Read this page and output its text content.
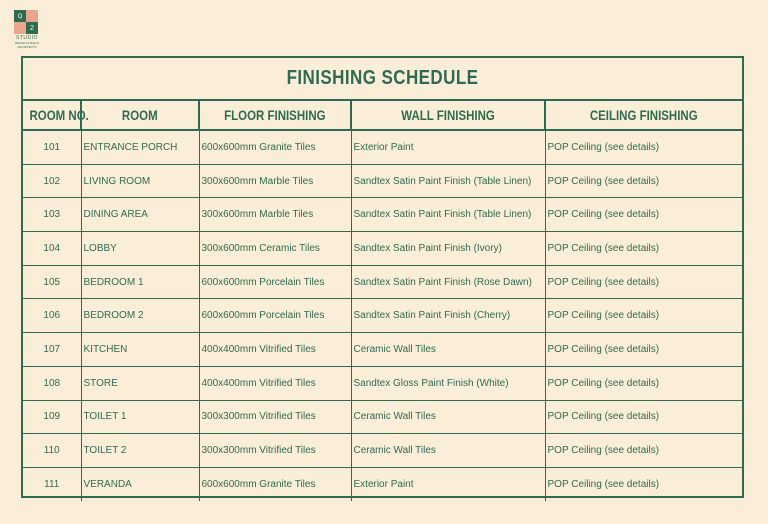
Q
Z
STUDIO
DESIGN & BUILD ARCHITECTS
FINISHING SCHEDULE
ROOM NO.	ROOM	FLOOR FINISHING	WALL FINISHING	CEILING FINISHING
101	ENTRANCE PORCH	600x600mm Granite Tiles	Exterior Paint	POP Ceiling (see details)
102	LIVING ROOM	300x600mm Marble Tiles	Sandtex Satin Paint Finish (Table Linen)	POP Ceiling (see details)
103	DINING AREA	300x600mm Marble Tiles	Sandtex Satin Paint Finish (Table Linen)	POP Ceiling (see details)
104	LOBBY	300x600mm Ceramic Tiles	Sandtex Satin Paint Finish (Ivory)	POP Ceiling (see details)
105	BEDROOM 1	600x600mm Porcelain Tiles	Sandtex Satin Paint Finish (Rose Dawn)	POP Ceiling (see details)
106	BEDROOM 2	600x600mm Porcelain Tiles	Sandtex Satin Paint Finish (Cherry)	POP Ceiling (see details)
107	KITCHEN	400x400mm Vitrified Tiles	Ceramic Wall Tiles	POP Ceiling (see details)
108	STORE	400x400mm Vitrified Tiles	Sandtex Gloss Paint Finish (White)	POP Ceiling (see details)
109	TOILET 1	300x300mm Vitrified Tiles	Ceramic Wall Tiles	POP Ceiling (see details)
110	TOILET 2	300x300mm Vitrified Tiles	Ceramic Wall Tiles	POP Ceiling (see details)
111	VERANDA	600x600mm Granite Tiles	Exterior Paint	POP Ceiling (see details)
